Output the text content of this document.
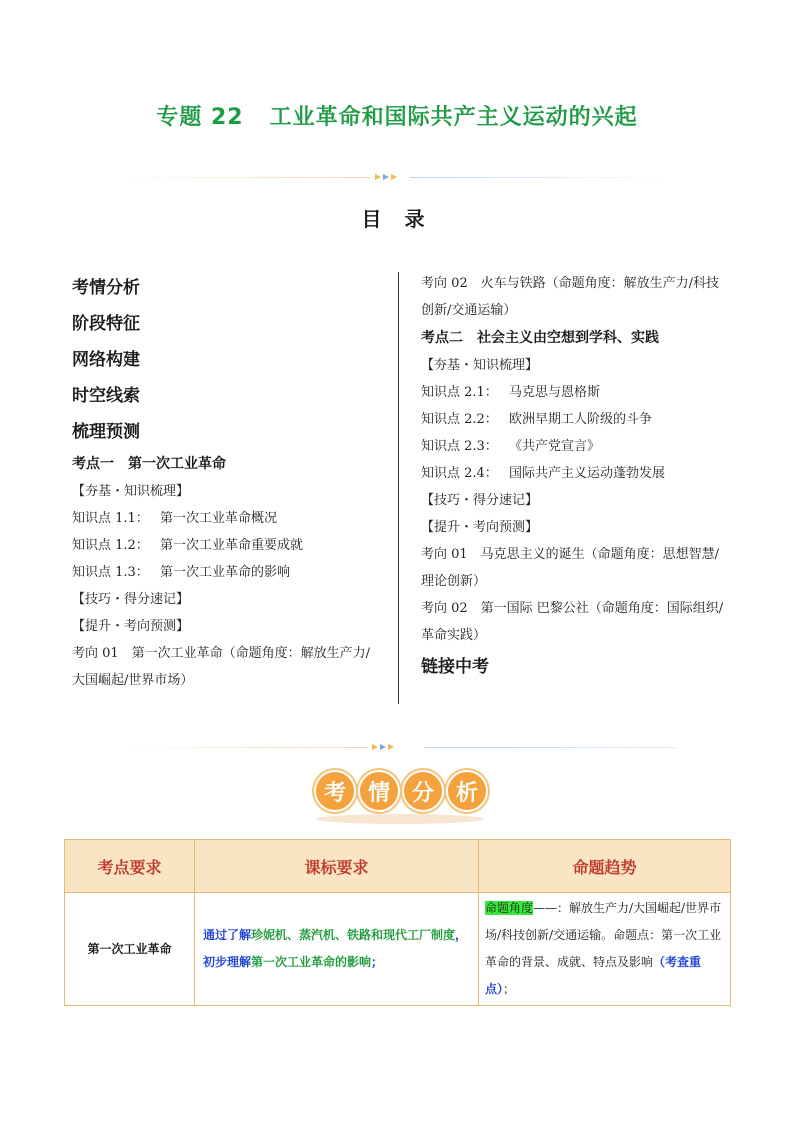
专题 22 工业革命和国际共产主义运动的兴起
目 录
考情分析
阶段特征
网络构建
时空线索
梳理预测
考点一　第一次工业革命
【夯基・知识梳理】
知识点 1.1： 第一次工业革命概况
知识点 1.2： 第一次工业革命重要成就
知识点 1.3： 第一次工业革命的影响
【技巧・得分速记】
【提升・考向预测】
考向 01　第一次工业革命（命题角度：解放生产力/大国崛起/世界市场）
考向 02　火车与铁路（命题角度：解放生产力/科技创新/交通运输）
考点二　社会主义由空想到学科、实践
【夯基・知识梳理】
知识点 2.1： 马克思与恩格斯
知识点 2.2： 欧洲早期工人阶级的斗争
知识点 2.3： 《共产党宣言》
知识点 2.4： 国际共产主义运动蓬勃发展
【技巧・得分速记】
【提升・考向预测】
考向 01　马克思主义的诞生（命题角度：思想智慧/理论创新）
考向 02　第一国际 巴黎公社（命题角度：国际组织/革命实践）
链接中考
考 情 分 析
考点要求	课标要求	命题趋势
第一次工业革命	通过了解珍妮机、蒸汽机、铁路和现代工厂制度，初步理解第一次工业革命的影响；	命题角度——：解放生产力/大国崛起/世界市场/科技创新/交通运输。命题点：第一次工业革命的背景、成就、特点及影响（考查重点）；
